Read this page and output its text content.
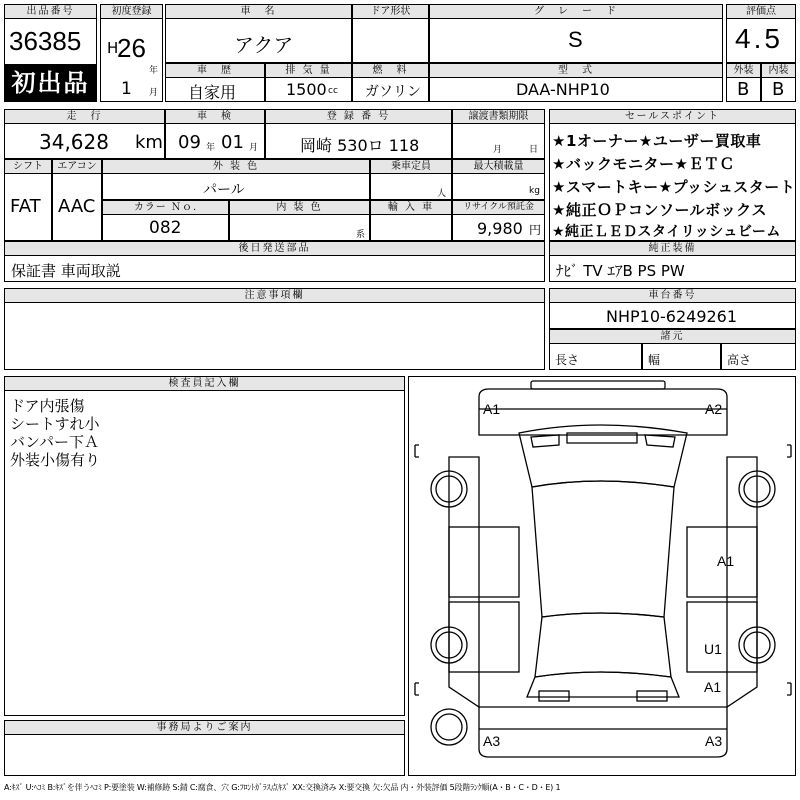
出品番号
36385
初出品
初度登録
H
26
年
1 月
車　名
アクア
ドア形状	グ　レ　ー　ド
S
車　歴
自家用
排 気 量
1500 cc
燃　料
ガソリン
型　式
DAA-NHP10
評価点
4.5
外装
B
内装
B
走　行
34,628 km
車　検
09 年 01 月
登 録 番 号
岡崎 530ロ 118
譲渡書類期限
月	日
シフト
FAT
エアコン
AAC
外 装 色
パール
乗車定員
人
最大積載量
kg
カラー Ｎｏ.
082
内 装 色
系
輸 入 車	リサイクル預託金
9,980 円
セールスポイント
★1オーナー★ユーザー買取車
★バックモニター★ＥＴＣ
★スマートキー★プッシュスタート
★純正ＯＰコンソールボックス
★純正ＬＥＤスタイリッシュビーム
後日発送部品
保証書 車両取説
純正装備
ﾅﾋﾞ TV ｴｱB PS PW
注意事項欄	車台番号
NHP10-6249261
諸元
長さ	幅	高さ
検査員記入欄
ドア内張傷
シートすれ小
バンパー下Ａ
外装小傷有り
事務局よりご案内
A1	A2
A1
U1
A1
A3	A3
A:ｷｽﾞ U:ﾍｺﾐ B:ｷｽﾞを伴うﾍｺﾐ P:要塗装 W:補修跡 S:錆 C:腐食、穴 G:ﾌﾛﾝﾄｶﾞﾗｽ点ｷｽﾞ XX:交換済み X:要交換 欠:欠品 内・外装評価 5段階ﾗﾝｸ順(A・B・C・D・E) 1
